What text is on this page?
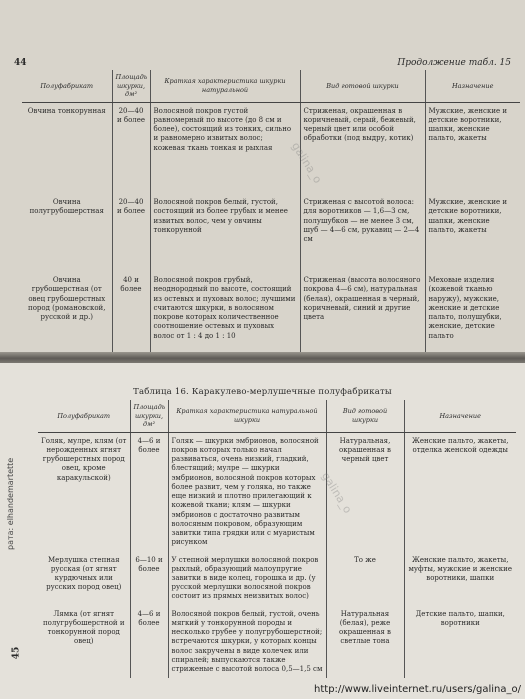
44	Продолжение табл. 15
45
Полуфабрикат	Площадь шкурки, дм²	Краткая характеристика шкурки натуральной	Вид готовой шкурки	Назначение
Овчина тонкорунная	20—40 и более	Волосяной покров густой равномерный по высоте (до 8 см и более), состоящий из тонких, сильно и равномерно извитых волос; кожевая ткань тонкая и рыхлая	Стриженая, окрашенная в коричневый, серый, бежевый, черный цвет или особой обработки (под выдру, котик)	Мужские, женские и детские воротники, шапки, женские пальто, жакеты
Овчина полугрубошерстная	20—40 и более	Волосяной покров белый, густой, состоящий из более грубых и менее извитых волос, чем у овчины тонкорунной	Стриженая с высотой волоса: для воротников — 1,6—3 см, полушубков — не менее 3 см, шуб — 4—6 см, рукавиц — 2—4 см	Мужские, женские и детские воротники, шапки, женские пальто, жакеты
Овчина грубошерстная (от овец грубошерстных пород (романовской, русской и др.)	40 и более	Волосяной покров грубый, неоднородный по высоте, состоящий из остевых и пуховых волос; лучшими считаются шкурки, в волосяном покрове которых количественное соотношение остевых и пуховых волос от 1 : 4 до 1 : 10	Стриженая (высота волосяного покрова 4—6 см), натуральная (белая), окрашенная в черный, коричневый, синий и другие цвета	Меховые изделия (кожевой тканью наружу), мужские, женские и детские пальто, полушубки, женские, детские пальто
Таблица 16. Каракулево-мерлушечные полуфабрикаты
Полуфабрикат	Площадь шкурки, дм²	Краткая характеристика натуральной шкурки	Вид готовой шкурки	Назначение
Голяк, мулре, клям (от нерожденных ягнят грубошерстных пород овец, кроме каракульской)	4—6 и более	Голяк — шкурки эмбрионов, волосяной покров которых только начал развиваться, очень низкий, гладкий, блестящий; мулре — шкурки эмбрионов, волосяной покров которых более развит, чем у голяка, но также еще низкий и плотно прилегающий к кожевой ткани; клям — шкурки эмбрионов с достаточно развитым волосяным покровом, образующим завитки типа грядки или с муаристым рисунком	Натуральная, окрашенная в черный цвет	Женские пальто, жакеты, отделка женской одежды
Мерлушка степная русская (от ягнят курдючных или русских пород овец)	6—10 и более	У степной мерлушки волосяной покров рыхлый, образующий малоупругие завитки в виде колец, горошка и др. (у русской мерлушки волосяной покров состоит из прямых неизвитых волос)	То же	Женские пальто, жакеты, муфты, мужские и женские воротники, шапки
Лямка (от ягнят полугрубошерстной и тонкорунной пород овец)	4—6 и более	Волосяной покров белый, густой, очень мягкий у тонкорунной породы и несколько грубее у полугрубошерстной; встречаются шкурки, у которых концы волос закручены в виде колечек или спиралей; выпускаются также стриженые с высотой волоса 0,5—1,5 см	Натуральная (белая), реже окрашенная в светлые тона	Детские пальто, шапки, воротники
рата: elhandemartette
galina_o
galina_o
http://www.liveinternet.ru/users/galina_o/
